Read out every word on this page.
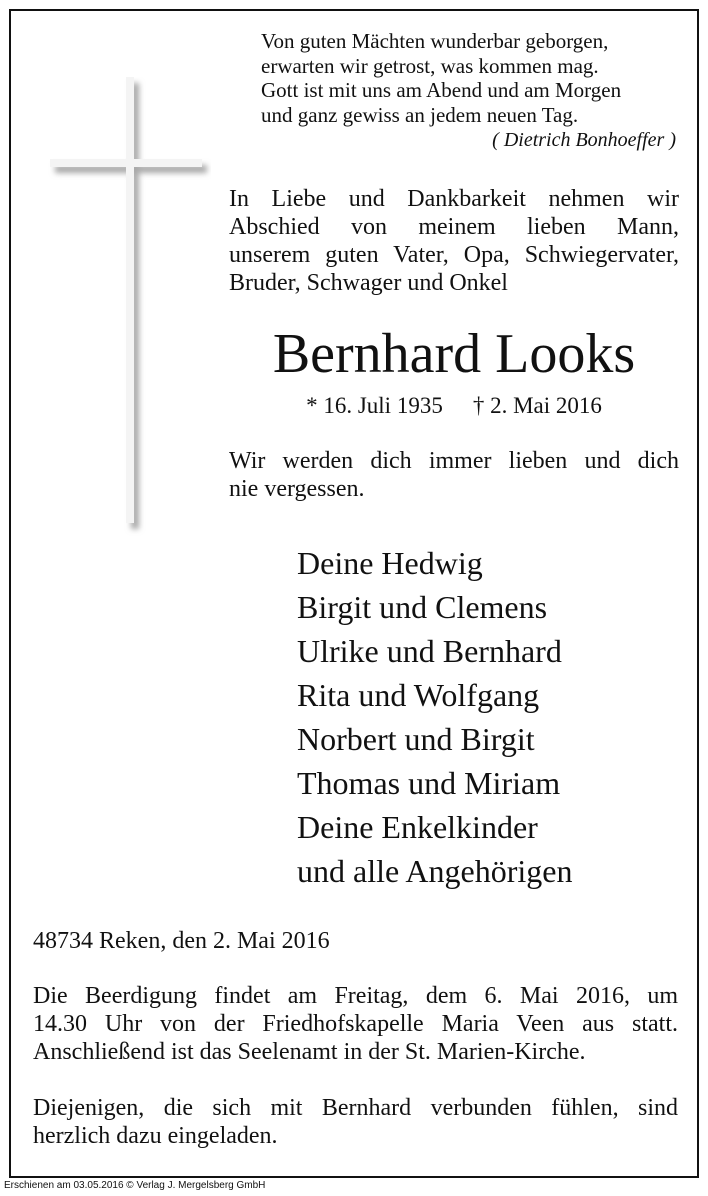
Von guten Mächten wunderbar geborgen,
erwarten wir getrost, was kommen mag.
Gott ist mit uns am Abend und am Morgen
und ganz gewiss an jedem neuen Tag.
( Dietrich Bonhoeffer )
In Liebe und Dankbarkeit nehmen wir
Abschied von meinem lieben Mann,
unserem guten Vater, Opa, Schwiegervater,
Bruder, Schwager und Onkel
Bernhard Looks
* 16. Juli 1935 † 2. Mai 2016
Wir werden dich immer lieben und dich
nie vergessen.
Deine Hedwig
Birgit und Clemens
Ulrike und Bernhard
Rita und Wolfgang
Norbert und Birgit
Thomas und Miriam
Deine Enkelkinder
und alle Angehörigen
48734 Reken, den 2. Mai 2016
Die Beerdigung findet am Freitag, dem 6. Mai 2016, um
14.30 Uhr von der Friedhofskapelle Maria Veen aus statt.
Anschließend ist das Seelenamt in der St. Marien-Kirche.
Diejenigen, die sich mit Bernhard verbunden fühlen, sind
herzlich dazu eingeladen.
Erschienen am 03.05.2016 © Verlag J. Mergelsberg GmbH
